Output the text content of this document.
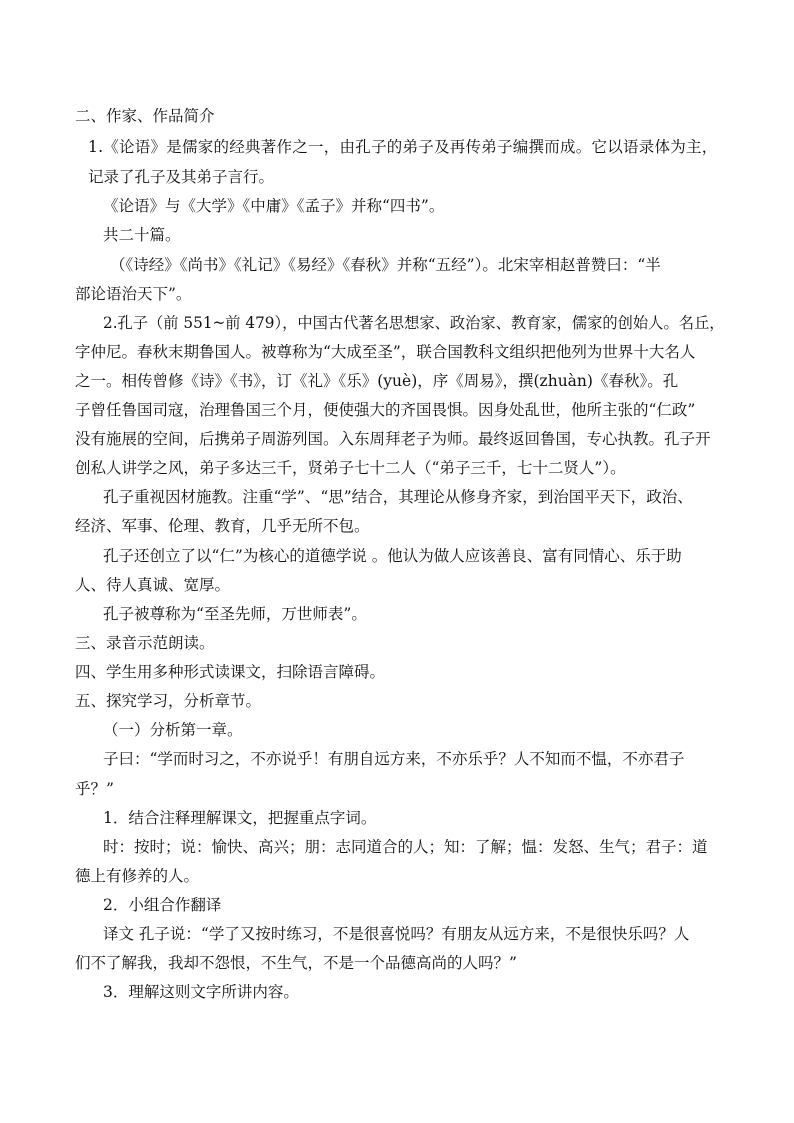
二、作家、作品简介

1.《论语》是儒家的经典著作之一，由孔子的弟子及再传弟子编撰而成。它以语录体为主，

记录了孔子及其弟子言行。

《论语》与《大学》《中庸》《孟子》并称“四书”。

共二十篇。

（《诗经》《尚书》《礼记》《易经》《春秋》并称“五经”）。北宋宰相赵普赞曰：“半

部论语治天下”。

2.孔子（前 551~前 479），中国古代著名思想家、政治家、教育家，儒家的创始人。名丘，

字仲尼。春秋末期鲁国人。被尊称为“大成至圣”，联合国教科文组织把他列为世界十大名人

之一。相传曾修《诗》《书》，订《礼》《乐》(yuè)，序《周易》，撰(zhuàn)《春秋》。孔

子曾任鲁国司寇，治理鲁国三个月，便使强大的齐国畏惧。因身处乱世，他所主张的“仁政”

没有施展的空间，后携弟子周游列国。入东周拜老子为师。最终返回鲁国，专心执教。孔子开

创私人讲学之风，弟子多达三千，贤弟子七十二人（“弟子三千，七十二贤人”）。

孔子重视因材施教。注重“学”、“思”结合，其理论从修身齐家，到治国平天下，政治、

经济、军事、伦理、教育，几乎无所不包。

孔子还创立了以“仁”为核心的道德学说 。他认为做人应该善良、富有同情心、乐于助

人、待人真诚、宽厚。

孔子被尊称为“至圣先师，万世师表”。

三、录音示范朗读。

四、学生用多种形式读课文，扫除语言障碍。

五、探究学习，分析章节。

（一）分析第一章。

子曰：“学而时习之，不亦说乎！有朋自远方来，不亦乐乎？人不知而不愠，不亦君子

乎？”

1．结合注释理解课文，把握重点字词。

时：按时；说：愉快、高兴；朋：志同道合的人；知：了解；愠：发怒、生气；君子：道

德上有修养的人。

2．小组合作翻译

译文 孔子说：“学了又按时练习，不是很喜悦吗？有朋友从远方来，不是很快乐吗？人

们不了解我，我却不怨恨，不生气，不是一个品德高尚的人吗？”

3．理解这则文字所讲内容。
